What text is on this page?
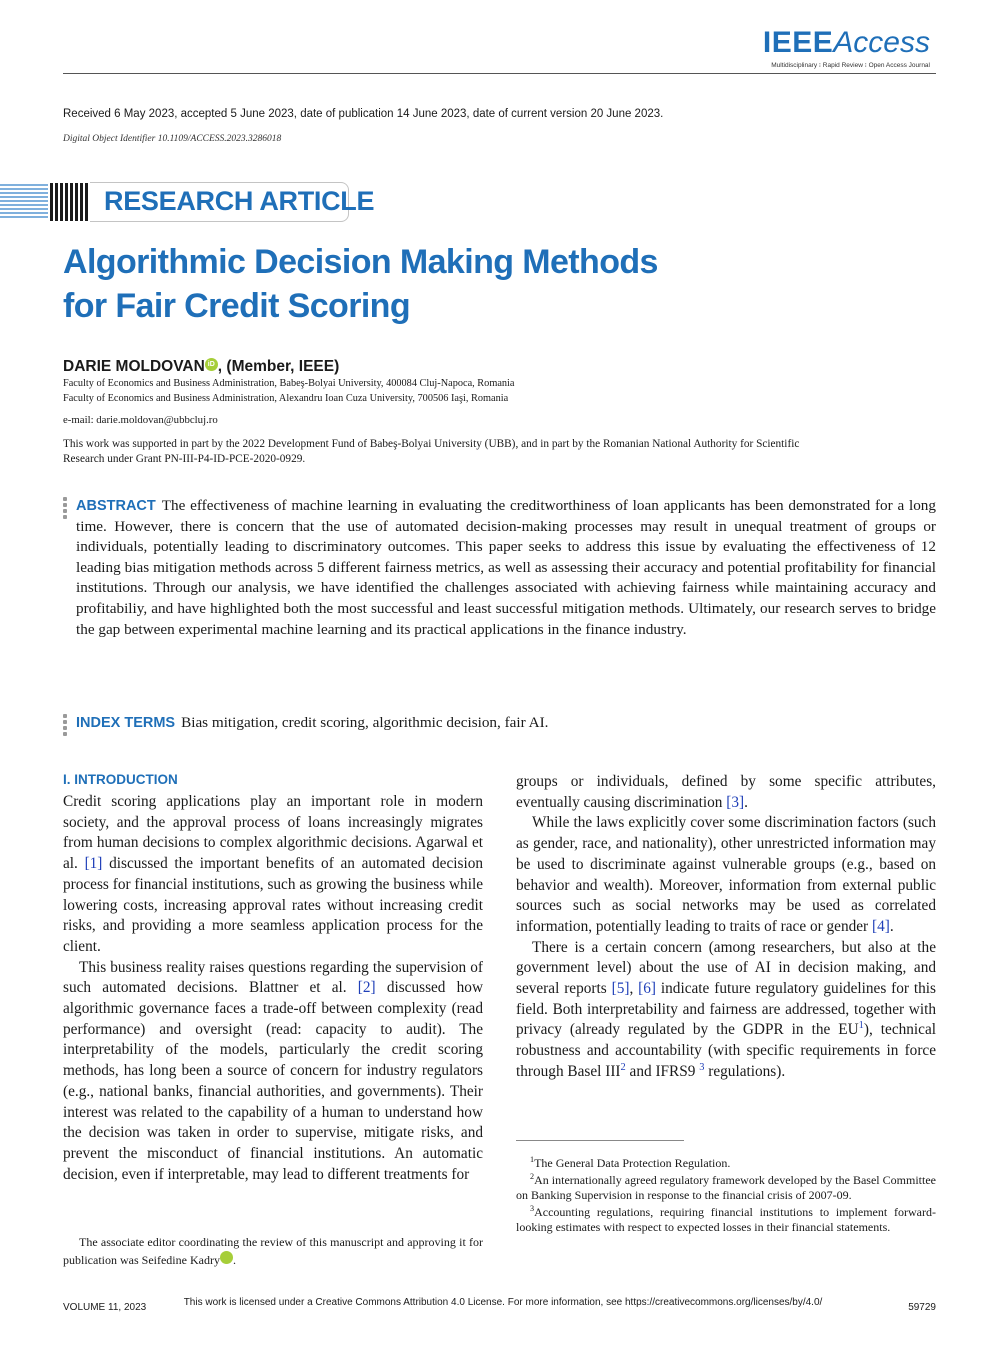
IEEEAccess
Multidisciplinary ⁝ Rapid Review ⁝ Open Access Journal
Received 6 May 2023, accepted 5 June 2023, date of publication 14 June 2023, date of current version 20 June 2023.
Digital Object Identifier 10.1109/ACCESS.2023.3286018
RESEARCH ARTICLE
Algorithmic Decision Making Methods
for Fair Credit Scoring
DARIE MOLDOVAN iD , (Member, IEEE)
Faculty of Economics and Business Administration, Babeş-Bolyai University, 400084 Cluj-Napoca, Romania
Faculty of Economics and Business Administration, Alexandru Ioan Cuza University, 700506 Iaşi, Romania
e-mail: darie.moldovan@ubbcluj.ro
This work was supported in part by the 2022 Development Fund of Babeş-Bolyai University (UBB), and in part by the Romanian National Authority for Scientific Research under Grant PN-III-P4-ID-PCE-2020-0929.
ABSTRACT The effectiveness of machine learning in evaluating the creditworthiness of loan applicants has been demonstrated for a long time. However, there is concern that the use of automated decision-making processes may result in unequal treatment of groups or individuals, potentially leading to discriminatory outcomes. This paper seeks to address this issue by evaluating the effectiveness of 12 leading bias mitigation methods across 5 different fairness metrics, as well as assessing their accuracy and potential profitability for financial institutions. Through our analysis, we have identified the challenges associated with achieving fairness while maintaining accuracy and profitabiliy, and have highlighted both the most successful and least successful mitigation methods. Ultimately, our research serves to bridge the gap between experimental machine learning and its practical applications in the finance industry.
INDEX TERMS Bias mitigation, credit scoring, algorithmic decision, fair AI.
I. INTRODUCTION

Credit scoring applications play an important role in modern society, and the approval process of loans increasingly migrates from human decisions to complex algorithmic decisions. Agarwal et al. [1] discussed the important benefits of an automated decision process for financial institutions, such as growing the business while lowering costs, increasing approval rates without increasing credit risks, and providing a more seamless application process for the client.

This business reality raises questions regarding the supervision of such automated decisions. Blattner et al. [2] discussed how algorithmic governance faces a trade-off between complexity (read performance) and oversight (read: capacity to audit). The interpretability of the models, particularly the credit scoring methods, has long been a source of concern for industry regulators (e.g., national banks, financial authorities, and governments). Their interest was related to the capability of a human to understand how the decision was taken in order to supervise, mitigate risks, and prevent the misconduct of financial institutions. An automatic decision, even if interpretable, may lead to different treatments for

groups or individuals, defined by some specific attributes, eventually causing discrimination [3].

While the laws explicitly cover some discrimination factors (such as gender, race, and nationality), other unrestricted information may be used to discriminate against vulnerable groups (e.g., based on behavior and wealth). Moreover, information from external public sources such as social networks may be used as correlated information, potentially leading to traits of race or gender [4].

There is a certain concern (among researchers, but also at the government level) about the use of AI in decision making, and several reports [5], [6] indicate future regulatory guidelines for this field. Both interpretability and fairness are addressed, together with privacy (already regulated by the GDPR in the EU$^1$), technical robustness and accountability (with specific requirements in force through Basel III$^2$ and IFRS9 $^3$ regulations).

The associate editor coordinating the review of this manuscript and approving it for publication was Seifedine Kadry iD.
$^1$The General Data Protection Regulation.
$^2$An internationally agreed regulatory framework developed by the Basel Committee on Banking Supervision in response to the financial crisis of 2007-09.
$^3$Accounting regulations, requiring financial institutions to implement forward-looking estimates with respect to expected losses in their financial statements.
VOLUME 11, 2023	This work is licensed under a Creative Commons Attribution 4.0 License. For more information, see https://creativecommons.org/licenses/by/4.0/	59729
